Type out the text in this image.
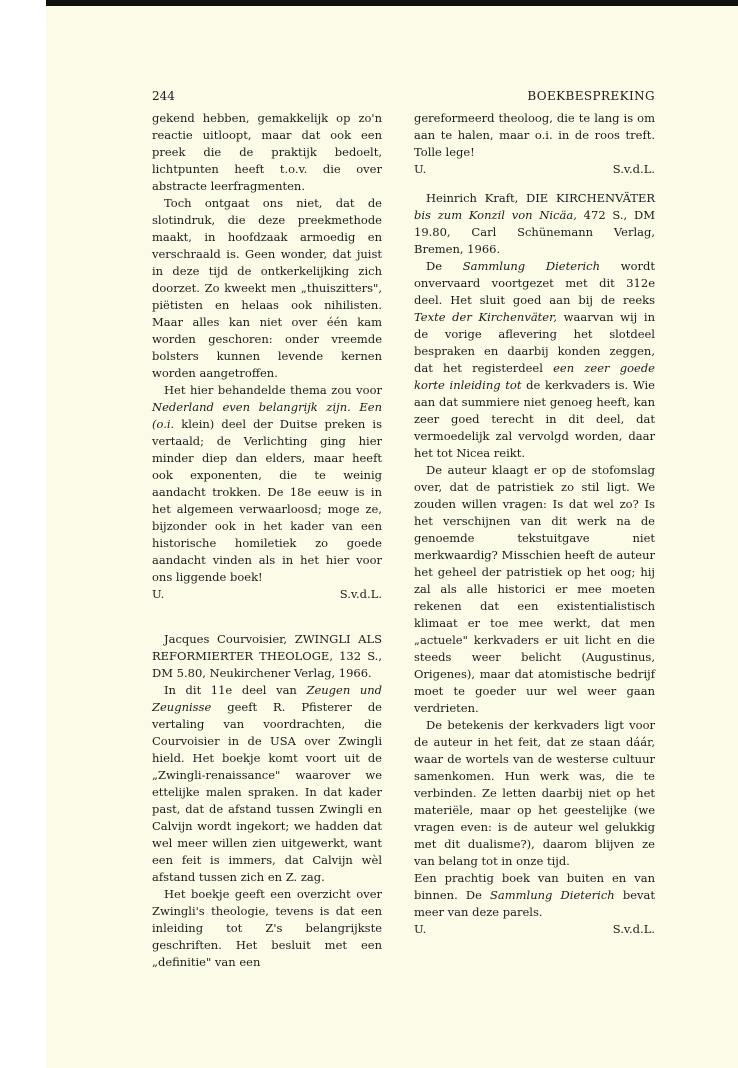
244	BOEKBESPREKING

gekend hebben, gemakkelijk op zo'n reactie uitloopt, maar dat ook een preek die de praktijk bedoelt, lichtpunten heeft t.o.v. die over abstracte leerfragmenten.

Toch ontgaat ons niet, dat de slotindruk, die deze preekmethode maakt, in hoofdzaak armoedig en verschraald is. Geen wonder, dat juist in deze tijd de ontkerkelijking zich doorzet. Zo kweekt men „thuiszitters", piëtisten en helaas ook nihilisten. Maar alles kan niet over één kam worden geschoren: onder vreemde bolsters kunnen levende kernen worden aangetroffen.

Het hier behandelde thema zou voor Nederland even belangrijk zijn. Een (o.i. klein) deel der Duitse preken is vertaald; de Verlichting ging hier minder diep dan elders, maar heeft ook exponenten, die te weinig aandacht trokken. De 18e eeuw is in het algemeen verwaarloosd; moge ze, bijzonder ook in het kader van een historische homiletiek zo goede aandacht vinden als in het hier voor ons liggende boek!

U.	S.v.d.L.

Jacques Courvoisier, ZWINGLI ALS REFORMIERTER THEOLOGE, 132 S., DM 5.80, Neukirchener Verlag, 1966.

In dit 11e deel van Zeugen und Zeugnisse geeft R. Pfisterer de vertaling van voordrachten, die Courvoisier in de USA over Zwingli hield. Het boekje komt voort uit de „Zwingli-renaissance" waarover we ettelijke malen spraken. In dat kader past, dat de afstand tussen Zwingli en Calvijn wordt ingekort; we hadden dat wel meer willen zien uitgewerkt, want een feit is immers, dat Calvijn wèl afstand tussen zich en Z. zag.

Het boekje geeft een overzicht over Zwingli's theologie, tevens is dat een inleiding tot Z's belangrijkste geschriften. Het besluit met een „definitie" van een

gereformeerd theoloog, die te lang is om aan te halen, maar o.i. in de roos treft. Tolle lege!

U.	S.v.d.L.

Heinrich Kraft, DIE KIRCHENVÄTER bis zum Konzil von Nicäa, 472 S., DM 19.80, Carl Schünemann Verlag, Bremen, 1966.

De Sammlung Dieterich wordt onvervaard voortgezet met dit 312e deel. Het sluit goed aan bij de reeks Texte der Kirchenväter, waarvan wij in de vorige aflevering het slotdeel bespraken en daarbij konden zeggen, dat het registerdeel een zeer goede korte inleiding tot de kerkvaders is. Wie aan dat summiere niet genoeg heeft, kan zeer goed terecht in dit deel, dat vermoedelijk zal vervolgd worden, daar het tot Nicea reikt.

De auteur klaagt er op de stofomslag over, dat de patristiek zo stil ligt. We zouden willen vragen: Is dat wel zo? Is het verschijnen van dit werk na de genoemde tekstuitgave niet merkwaardig? Misschien heeft de auteur het geheel der patristiek op het oog; hij zal als alle historici er mee moeten rekenen dat een existentialistisch klimaat er toe mee werkt, dat men „actuele" kerkvaders er uit licht en die steeds weer belicht (Augustinus, Origenes), maar dat atomistische bedrijf moet te goeder uur wel weer gaan verdrieten.

De betekenis der kerkvaders ligt voor de auteur in het feit, dat ze staan dáár, waar de wortels van de westerse cultuur samenkomen. Hun werk was, die te verbinden. Ze letten daarbij niet op het materiële, maar op het geestelijke (we vragen even: is de auteur wel gelukkig met dit dualisme?), daarom blijven ze van belang tot in onze tijd.

Een prachtig boek van buiten en van binnen. De Sammlung Dieterich bevat meer van deze parels.

U.	S.v.d.L.
